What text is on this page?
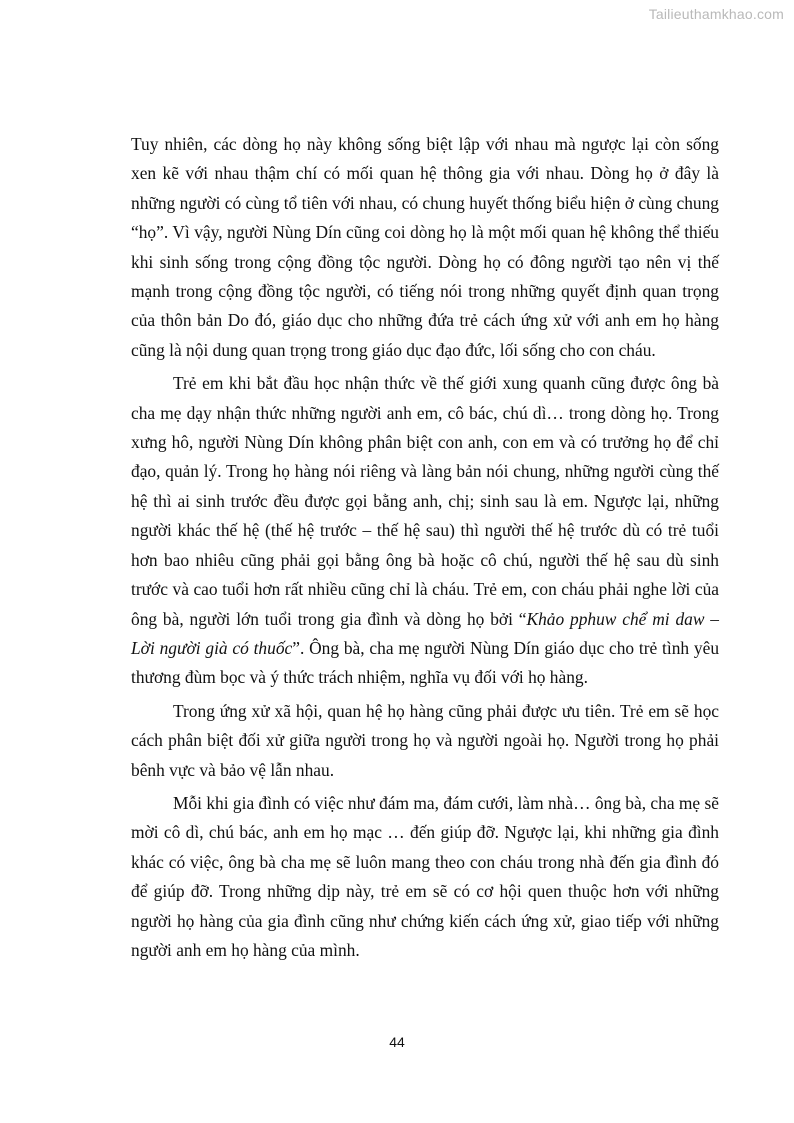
Tailieuthamkhao.com

Tuy nhiên, các dòng họ này không sống biệt lập với nhau mà ngược lại còn sống xen kẽ với nhau thậm chí có mối quan hệ thông gia với nhau. Dòng họ ở đây là những người có cùng tổ tiên với nhau, có chung huyết thống biểu hiện ở cùng chung “họ”. Vì vậy, người Nùng Dín cũng coi dòng họ là một mối quan hệ không thể thiếu khi sinh sống trong cộng đồng tộc người. Dòng họ có đông người tạo nên vị thế mạnh trong cộng đồng tộc người, có tiếng nói trong những quyết định quan trọng của thôn bản Do đó, giáo dục cho những đứa trẻ cách ứng xử với anh em họ hàng cũng là nội dung quan trọng trong giáo dục đạo đức, lối sống cho con cháu.

Trẻ em khi bắt đầu học nhận thức về thế giới xung quanh cũng được ông bà cha mẹ dạy nhận thức những người anh em, cô bác, chú dì… trong dòng họ. Trong xưng hô, người Nùng Dín không phân biệt con anh, con em và có trưởng họ để chỉ đạo, quản lý. Trong họ hàng nói riêng và làng bản nói chung, những người cùng thế hệ thì ai sinh trước đều được gọi bằng anh, chị; sinh sau là em. Ngược lại, những người khác thế hệ (thế hệ trước – thế hệ sau) thì người thế hệ trước dù có trẻ tuổi hơn bao nhiêu cũng phải gọi bằng ông bà hoặc cô chú, người thế hệ sau dù sinh trước và cao tuổi hơn rất nhiều cũng chỉ là cháu. Trẻ em, con cháu phải nghe lời của ông bà, người lớn tuổi trong gia đình và dòng họ bởi “Khảo pphuw chể mi daw – Lời người già có thuốc”. Ông bà, cha mẹ người Nùng Dín giáo dục cho trẻ tình yêu thương đùm bọc và ý thức trách nhiệm, nghĩa vụ đối với họ hàng.

Trong ứng xử xã hội, quan hệ họ hàng cũng phải được ưu tiên. Trẻ em sẽ học cách phân biệt đối xử giữa người trong họ và người ngoài họ. Người trong họ phải bênh vực và bảo vệ lẫn nhau.

Mỗi khi gia đình có việc như đám ma, đám cưới, làm nhà… ông bà, cha mẹ sẽ mời cô dì, chú bác, anh em họ mạc … đến giúp đỡ. Ngược lại, khi những gia đình khác có việc, ông bà cha mẹ sẽ luôn mang theo con cháu trong nhà đến gia đình đó để giúp đỡ. Trong những dịp này, trẻ em sẽ có cơ hội quen thuộc hơn với những người họ hàng của gia đình cũng như chứng kiến cách ứng xử, giao tiếp với những người anh em họ hàng của mình.

44
